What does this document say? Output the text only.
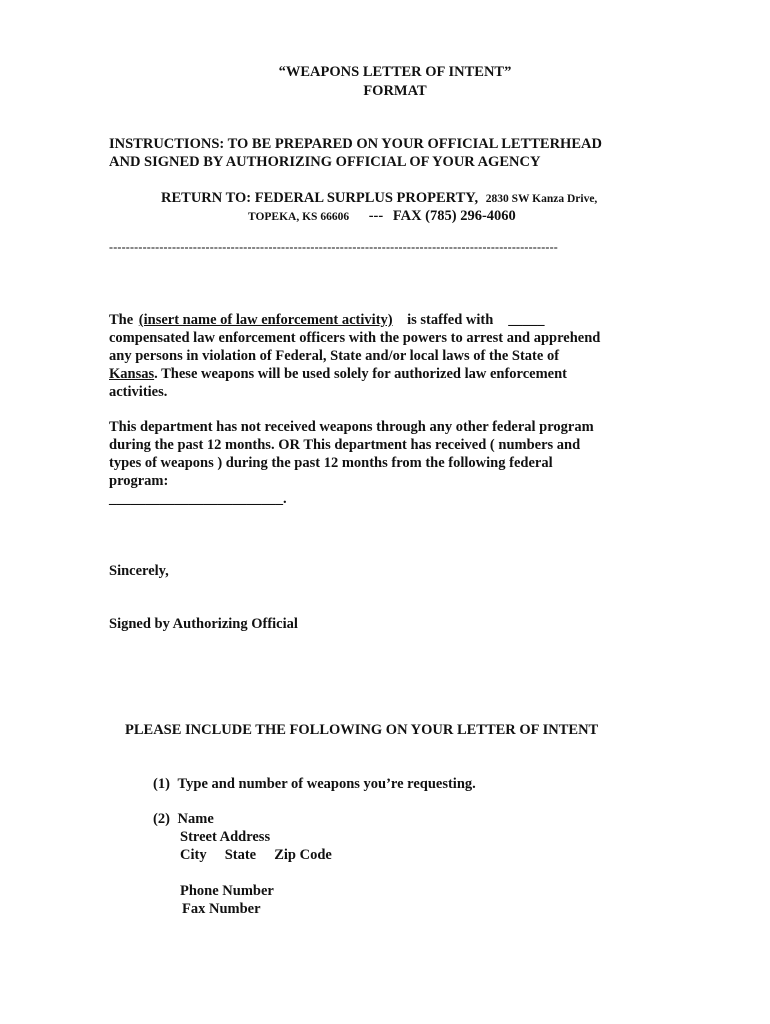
“WEAPONS LETTER OF INTENT”
FORMAT
INSTRUCTIONS: TO BE PREPARED ON YOUR OFFICIAL LETTERHEAD
AND SIGNED BY AUTHORIZING OFFICIAL OF YOUR AGENCY
RETURN TO: FEDERAL SURPLUS PROPERTY, 2830 SW Kanza Drive,
TOPEKA, KS 66606 --- FAX (785) 296-4060
-----------------------------------------------------------------------------------------------------------
The (insert name of law enforcement activity)    is staffed with   _____
compensated law enforcement officers with the powers to arrest and apprehend
any persons in violation of Federal, State and/or local laws of the State of
Kansas. These weapons will be used solely for authorized law enforcement
activities.
This department has not received weapons through any other federal program
during the past 12 months. OR This department has received ( numbers and
types of weapons ) during the past 12 months from the following federal
program:
________________________.
Sincerely,
Signed by Authorizing Official
PLEASE INCLUDE THE FOLLOWING ON YOUR LETTER OF INTENT
(1) Type and number of weapons you’re requesting.
(2) Name
Street Address
City     State     Zip Code
Phone Number
Fax Number
